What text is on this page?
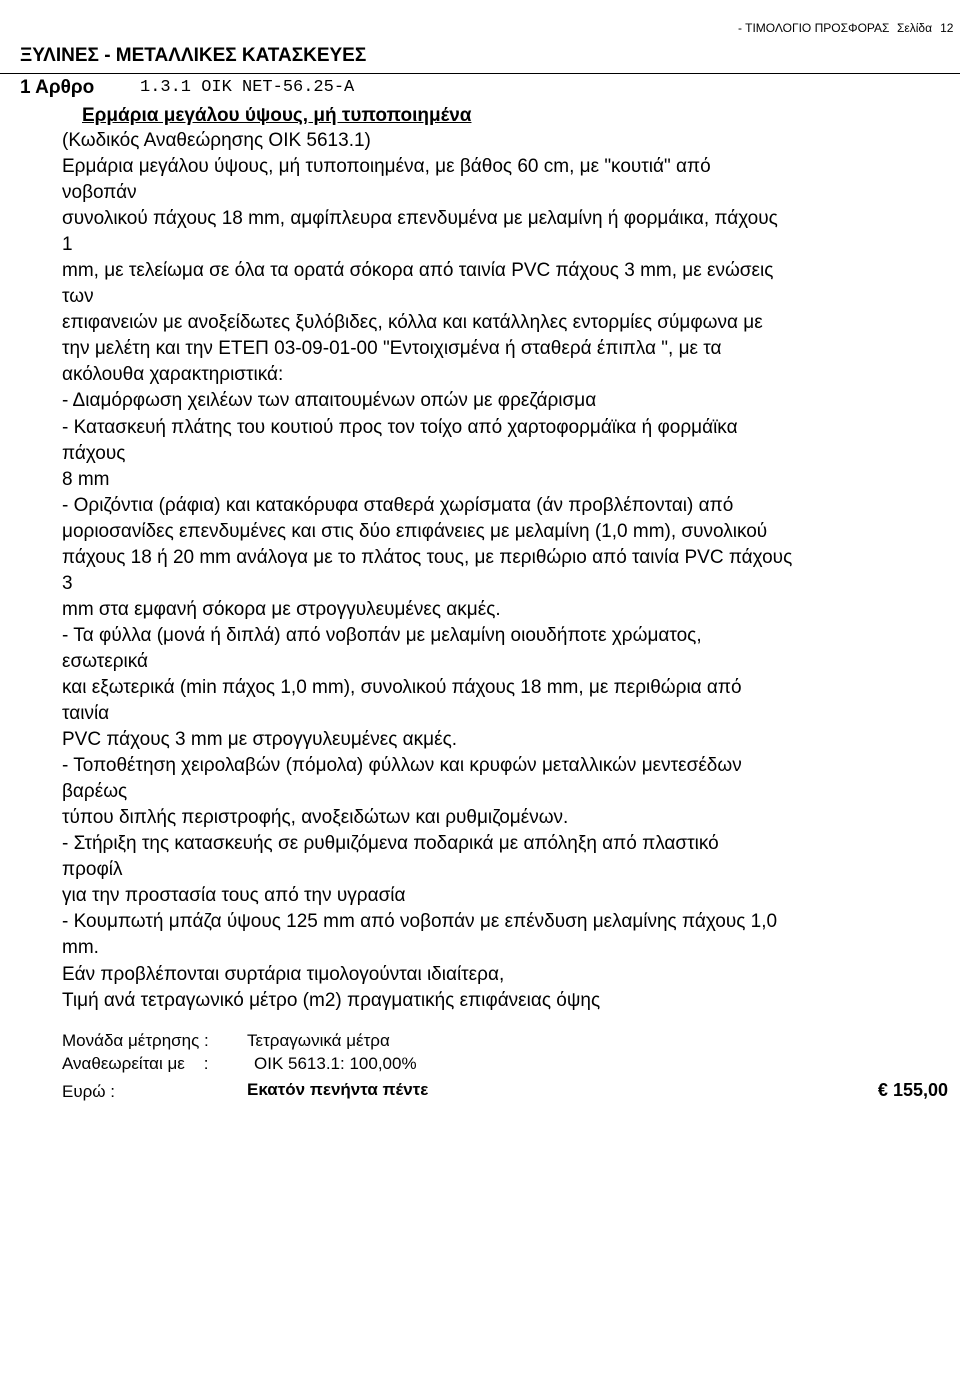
- ΤΙΜΟΛΟΓΙΟ ΠΡΟΣΦΟΡΑΣ Σελίδα 12
ΞΥΛΙΝΕΣ - ΜΕΤΑΛΛΙΚΕΣ ΚΑΤΑΣΚΕΥΕΣ
1 Αρθρο	1.3.1 ΟΙΚ ΝΕΤ-56.25-Α
Ερμάρια μεγάλου ύψους, μή τυποποιημένα
(Κωδικός Αναθεώρησης ΟΙΚ 5613.1)
Ερμάρια μεγάλου ύψους, μή τυποποιημένα, με βάθος 60 cm, με "κουτιά" από
νοβοπάν
συνολικού πάχους 18 mm, αμφίπλευρα επενδυμένα με μελαμίνη ή φορμάικα, πάχους
1
mm, με τελείωμα σε όλα τα ορατά σόκορα από ταινία PVC πάχους 3 mm, με ενώσεις
των
επιφανειών με ανοξείδωτες ξυλόβιδες, κόλλα και κατάλληλες εντορμίες σύμφωνα με
την μελέτη και την ΕΤΕΠ 03-09-01-00 "Εντοιχισμένα ή σταθερά έπιπλα ", με τα
ακόλουθα χαρακτηριστικά:
- Διαμόρφωση χειλέων των απαιτουμένων οπών με φρεζάρισμα
- Κατασκευή πλάτης του κουτιού προς τον τοίχο από χαρτοφορμάϊκα ή φορμάϊκα
πάχους
8 mm
- Οριζόντια (ράφια) και κατακόρυφα σταθερά χωρίσματα (άν προβλέπονται) από
μοριοσανίδες επενδυμένες και στις δύο επιφάνειες με μελαμίνη (1,0 mm), συνολικού
πάχους 18 ή 20 mm ανάλογα με το πλάτος τους, με περιθώριο από ταινία PVC πάχους
3
mm στα εμφανή σόκορα με στρογγυλευμένες ακμές.
- Τα φύλλα (μονά ή διπλά) από νοβοπάν με μελαμίνη οιουδήποτε χρώματος,
εσωτερικά
και εξωτερικά (min πάχος 1,0 mm), συνολικού πάχους 18 mm, με περιθώρια από
ταινία
PVC πάχους 3 mm με στρογγυλευμένες ακμές.
- Τοποθέτηση χειρολαβών (πόμολα) φύλλων και κρυφών μεταλλικών μεντεσέδων
βαρέως
τύπου διπλής περιστροφής, ανοξειδώτων και ρυθμιζομένων.
- Στήριξη της κατασκευής σε ρυθμιζόμενα ποδαρικά με απόληξη από πλαστικό
προφίλ
για την προστασία τους από την υγρασία
- Κουμπωτή μπάζα ύψους 125 mm από νοβοπάν με επένδυση μελαμίνης πάχους 1,0
mm.
Εάν προβλέπονται συρτάρια τιμολογούνται ιδιαίτερα,
Τιμή ανά τετραγωνικό μέτρο (m2) πραγματικής επιφάνειας όψης
Μονάδα μέτρησης : Τετραγωνικά μέτρα
Αναθεωρείται με    :	ΟΙΚ 5613.1: 100,00%
Ευρώ :	Εκατόν πενήντα πέντε	€ 155,00
